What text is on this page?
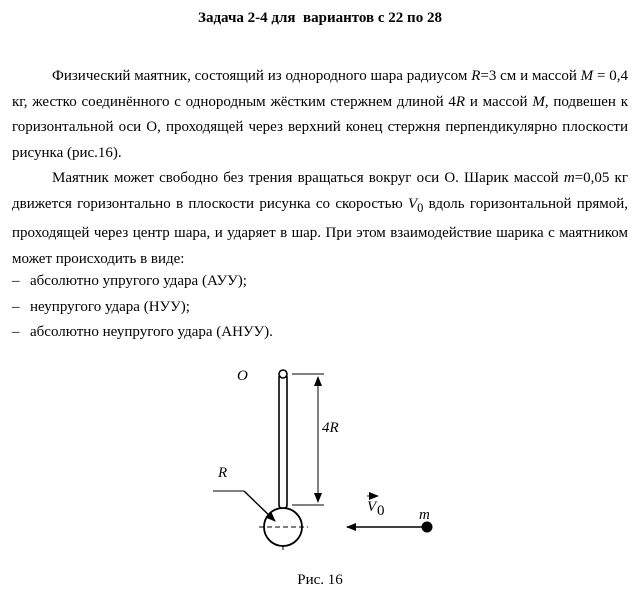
Задача 2-4 для  вариантов с 22 по 28
Физический маятник, состоящий из однородного шара радиусом R=3 см и массой M = 0,4 кг, жестко соединённого с однородным жёстким стержнем длиной 4R и массой M, подвешен к горизонтальной оси О, проходящей через верхний конец стержня перпендикулярно плоскости рисунка (рис.16).
Маятник может свободно без трения вращаться вокруг оси О. Шарик массой m=0,05 кг движется горизонтально в плоскости рисунка со скоростью $V_0$ вдоль горизонтальной прямой, проходящей через центр шара, и ударяет в шар. При этом взаимодействие шарика с маятником может происходить в виде:
– абсолютно упругого удара (АУУ);
– неупругого удара (НУУ);
– абсолютно неупругого удара (АНУУ).
O
4R
R
V 0 m
Рис. 16
